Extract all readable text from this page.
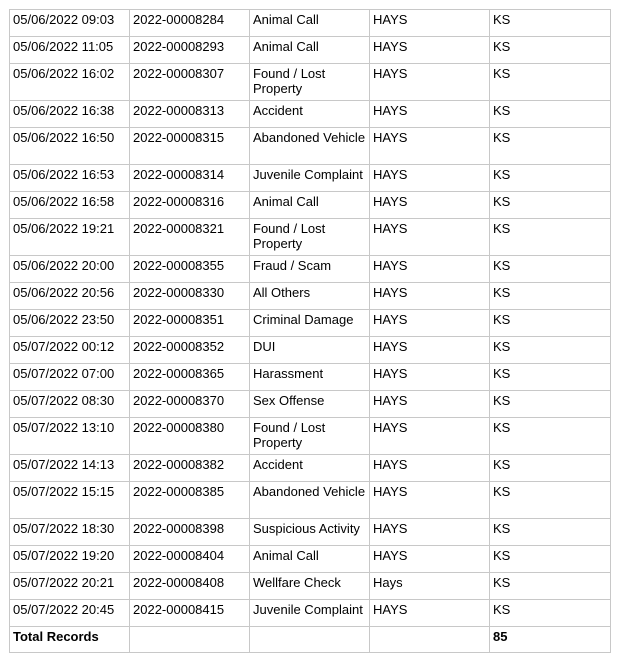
05/06/2022 09:03	2022-00008284	Animal Call	HAYS	KS
05/06/2022 11:05	2022-00008293	Animal Call	HAYS	KS
05/06/2022 16:02	2022-00008307	Found / Lost Property	HAYS	KS
05/06/2022 16:38	2022-00008313	Accident	HAYS	KS
05/06/2022 16:50	2022-00008315	Abandoned Vehicle	HAYS	KS
05/06/2022 16:53	2022-00008314	Juvenile Complaint	HAYS	KS
05/06/2022 16:58	2022-00008316	Animal Call	HAYS	KS
05/06/2022 19:21	2022-00008321	Found / Lost Property	HAYS	KS
05/06/2022 20:00	2022-00008355	Fraud / Scam	HAYS	KS
05/06/2022 20:56	2022-00008330	All Others	HAYS	KS
05/06/2022 23:50	2022-00008351	Criminal Damage	HAYS	KS
05/07/2022 00:12	2022-00008352	DUI	HAYS	KS
05/07/2022 07:00	2022-00008365	Harassment	HAYS	KS
05/07/2022 08:30	2022-00008370	Sex Offense	HAYS	KS
05/07/2022 13:10	2022-00008380	Found / Lost Property	HAYS	KS
05/07/2022 14:13	2022-00008382	Accident	HAYS	KS
05/07/2022 15:15	2022-00008385	Abandoned Vehicle	HAYS	KS
05/07/2022 18:30	2022-00008398	Suspicious Activity	HAYS	KS
05/07/2022 19:20	2022-00008404	Animal Call	HAYS	KS
05/07/2022 20:21	2022-00008408	Wellfare Check	Hays	KS
05/07/2022 20:45	2022-00008415	Juvenile Complaint	HAYS	KS
Total Records				85
